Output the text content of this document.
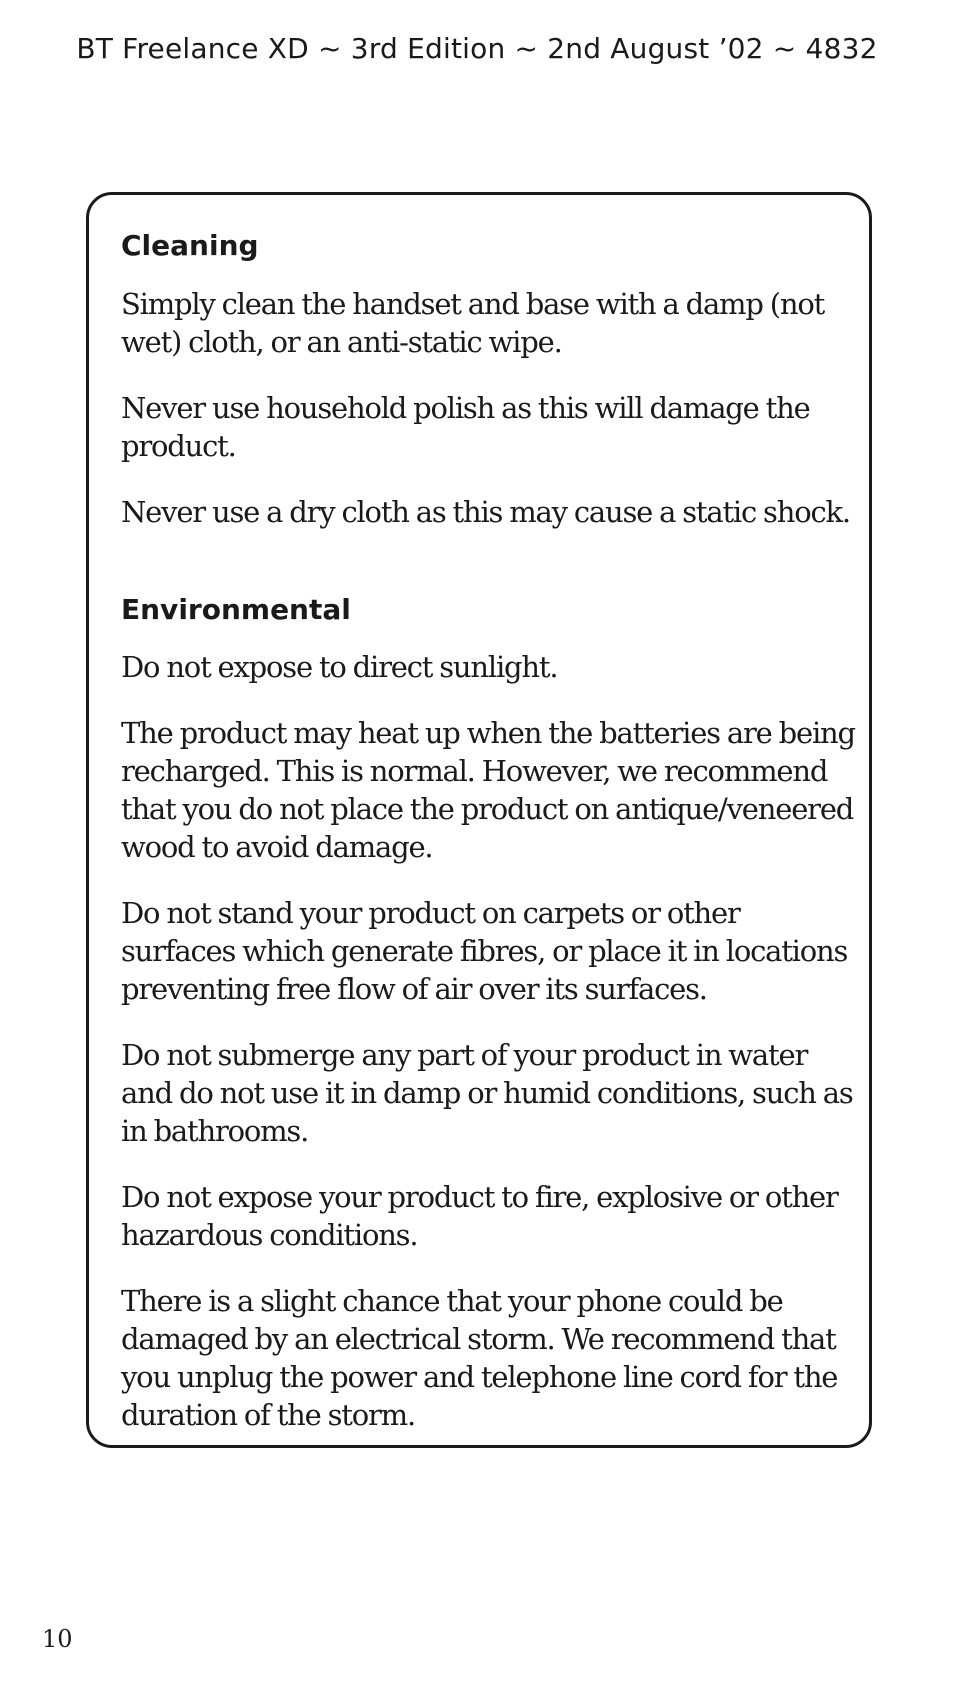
BT Freelance XD ~ 3rd Edition ~ 2nd August ’02 ~ 4832
Cleaning

Simply clean the handset and base with a damp (not wet) cloth, or an anti-static wipe.

Never use household polish as this will damage the product.

Never use a dry cloth as this may cause a static shock.

Environmental

Do not expose to direct sunlight.

The product may heat up when the batteries are being recharged. This is normal. However, we recommend that you do not place the product on antique/veneered wood to avoid damage.

Do not stand your product on carpets or other surfaces which generate fibres, or place it in locations preventing free flow of air over its surfaces.

Do not submerge any part of your product in water and do not use it in damp or humid conditions, such as in bathrooms.

Do not expose your product to fire, explosive or other hazardous conditions.

There is a slight chance that your phone could be damaged by an electrical storm. We recommend that you unplug the power and telephone line cord for the duration of the storm.

10
